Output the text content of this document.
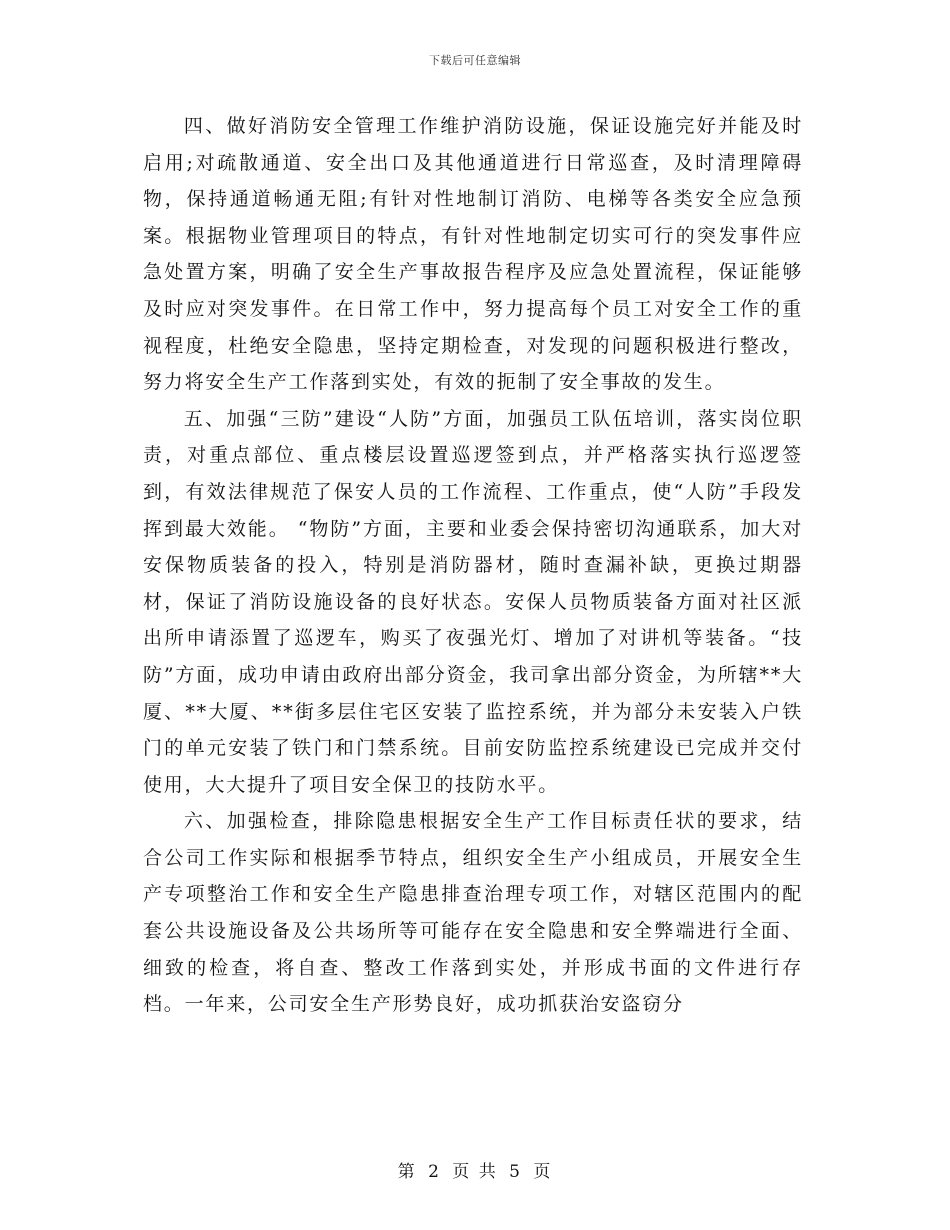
下载后可任意编辑

四、做好消防安全管理工作维护消防设施，保证设施完好并能及时启用;对疏散通道、安全出口及其他通道进行日常巡查，及时清理障碍物，保持通道畅通无阻;有针对性地制订消防、电梯等各类安全应急预案。根据物业管理项目的特点，有针对性地制定切实可行的突发事件应急处置方案，明确了安全生产事故报告程序及应急处置流程，保证能够及时应对突发事件。在日常工作中，努力提高每个员工对安全工作的重视程度，杜绝安全隐患，坚持定期检查，对发现的问题积极进行整改，努力将安全生产工作落到实处，有效的扼制了安全事故的发生。

五、加强“三防”建设“人防”方面，加强员工队伍培训，落实岗位职责，对重点部位、重点楼层设置巡逻签到点，并严格落实执行巡逻签到，有效法律规范了保安人员的工作流程、工作重点，使“人防”手段发挥到最大效能。 “物防”方面，主要和业委会保持密切沟通联系，加大对安保物质装备的投入，特别是消防器材，随时查漏补缺，更换过期器材，保证了消防设施设备的良好状态。安保人员物质装备方面对社区派出所申请添置了巡逻车，购买了夜强光灯、增加了对讲机等装备。“技防”方面，成功申请由政府出部分资金，我司拿出部分资金，为所辖**大厦、**大厦、**街多层住宅区安装了监控系统，并为部分未安装入户铁门的单元安装了铁门和门禁系统。目前安防监控系统建设已完成并交付使用，大大提升了项目安全保卫的技防水平。

六、加强检查，排除隐患根据安全生产工作目标责任状的要求，结合公司工作实际和根据季节特点，组织安全生产小组成员，开展安全生产专项整治工作和安全生产隐患排查治理专项工作，对辖区范围内的配套公共设施设备及公共场所等可能存在安全隐患和安全弊端进行全面、细致的检查，将自查、整改工作落到实处，并形成书面的文件进行存档。一年来，公司安全生产形势良好，成功抓获治安盗窃分

第 2 页 共 5 页
